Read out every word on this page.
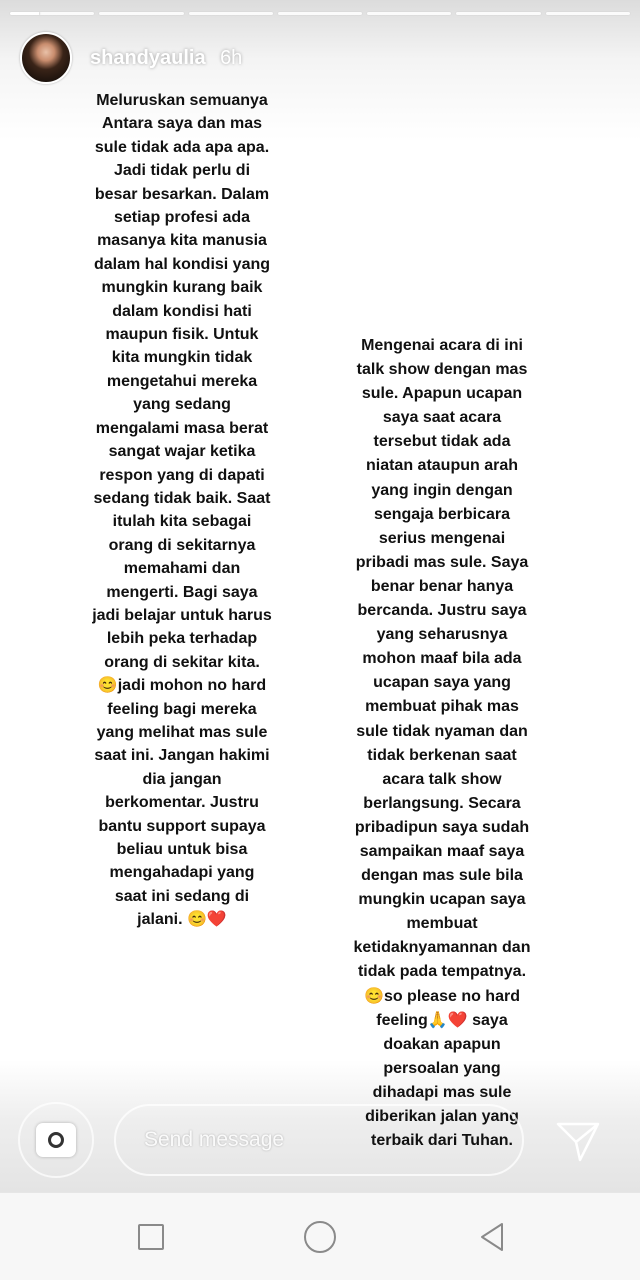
shandyaulia 6h
Meluruskan semuanya
Antara saya dan mas
sule tidak ada apa apa.
Jadi tidak perlu di
besar besarkan. Dalam
setiap profesi ada
masanya kita manusia
dalam hal kondisi yang
mungkin kurang baik
dalam kondisi hati
maupun fisik. Untuk
kita mungkin tidak
mengetahui mereka
yang sedang
mengalami masa berat
sangat wajar ketika
respon yang di dapati
sedang tidak baik. Saat
itulah kita sebagai
orang di sekitarnya
memahami dan
mengerti. Bagi saya
jadi belajar untuk harus
lebih peka terhadap
orang di sekitar kita.
😊jadi mohon no hard
feeling bagi mereka
yang melihat mas sule
saat ini. Jangan hakimi
dia jangan
berkomentar. Justru
bantu support supaya
beliau untuk bisa
mengahadapi yang
saat ini sedang di
jalani. 😊❤️
Mengenai acara di ini
talk show dengan mas
sule. Apapun ucapan
saya saat acara
tersebut tidak ada
niatan ataupun arah
yang ingin dengan
sengaja berbicara
serius mengenai
pribadi mas sule. Saya
benar benar hanya
bercanda. Justru saya
yang seharusnya
mohon maaf bila ada
ucapan saya yang
membuat pihak mas
sule tidak nyaman dan
tidak berkenan saat
acara talk show
berlangsung. Secara
pribadipun saya sudah
sampaikan maaf saya
dengan mas sule bila
mungkin ucapan saya
membuat
ketidaknyamannan dan
tidak pada tempatnya.
😊so please no hard
feeling🙏❤️ saya
doakan apapun
persoalan yang
dihadapi mas sule
diberikan jalan yang
terbaik dari Tuhan.
Send message
